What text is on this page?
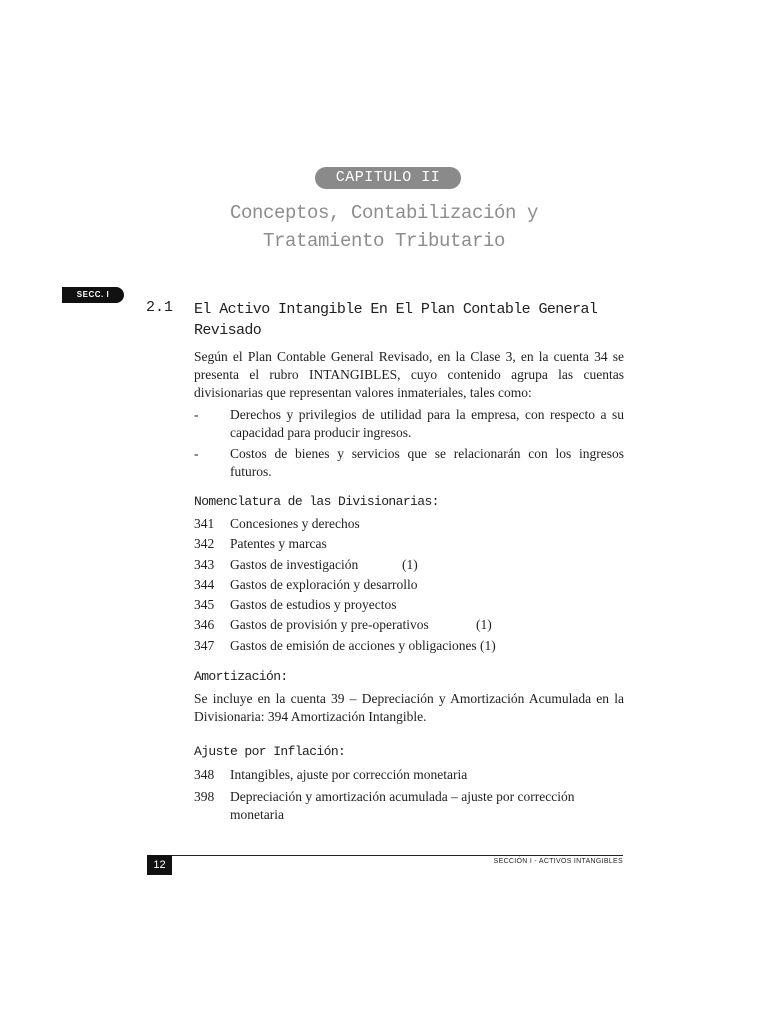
CAPITULO II
Conceptos, Contabilización y
Tratamiento Tributario
SECC. I
2.1 El Activo Intangible En El Plan Contable General Revisado
Según el Plan Contable General Revisado, en la Clase 3, en la cuenta 34 se presenta el rubro INTANGIBLES, cuyo contenido agrupa las cuentas divisionarias que representan valores inmateriales, tales como:
- Derechos y privilegios de utilidad para la empresa, con respecto a su capacidad para producir ingresos.
- Costos de bienes y servicios que se relacionarán con los ingresos futuros.
Nomenclatura de las Divisionarias:
341 Concesiones y derechos
342 Patentes y marcas
343 Gastos de investigación	(1)
344 Gastos de exploración y desarrollo
345 Gastos de estudios y proyectos
346 Gastos de provisión y pre-operativos	(1)
347 Gastos de emisión de acciones y obligaciones (1)
Amortización:
Se incluye en la cuenta 39 – Depreciación y Amortización Acumulada en la Divisionaria: 394 Amortización Intangible.
Ajuste por Inflación:
348 Intangibles, ajuste por corrección monetaria
398 Depreciación y amortización acumulada – ajuste por corrección monetaria
12	SECCIÓN I - ACTIVOS INTANGIBLES
